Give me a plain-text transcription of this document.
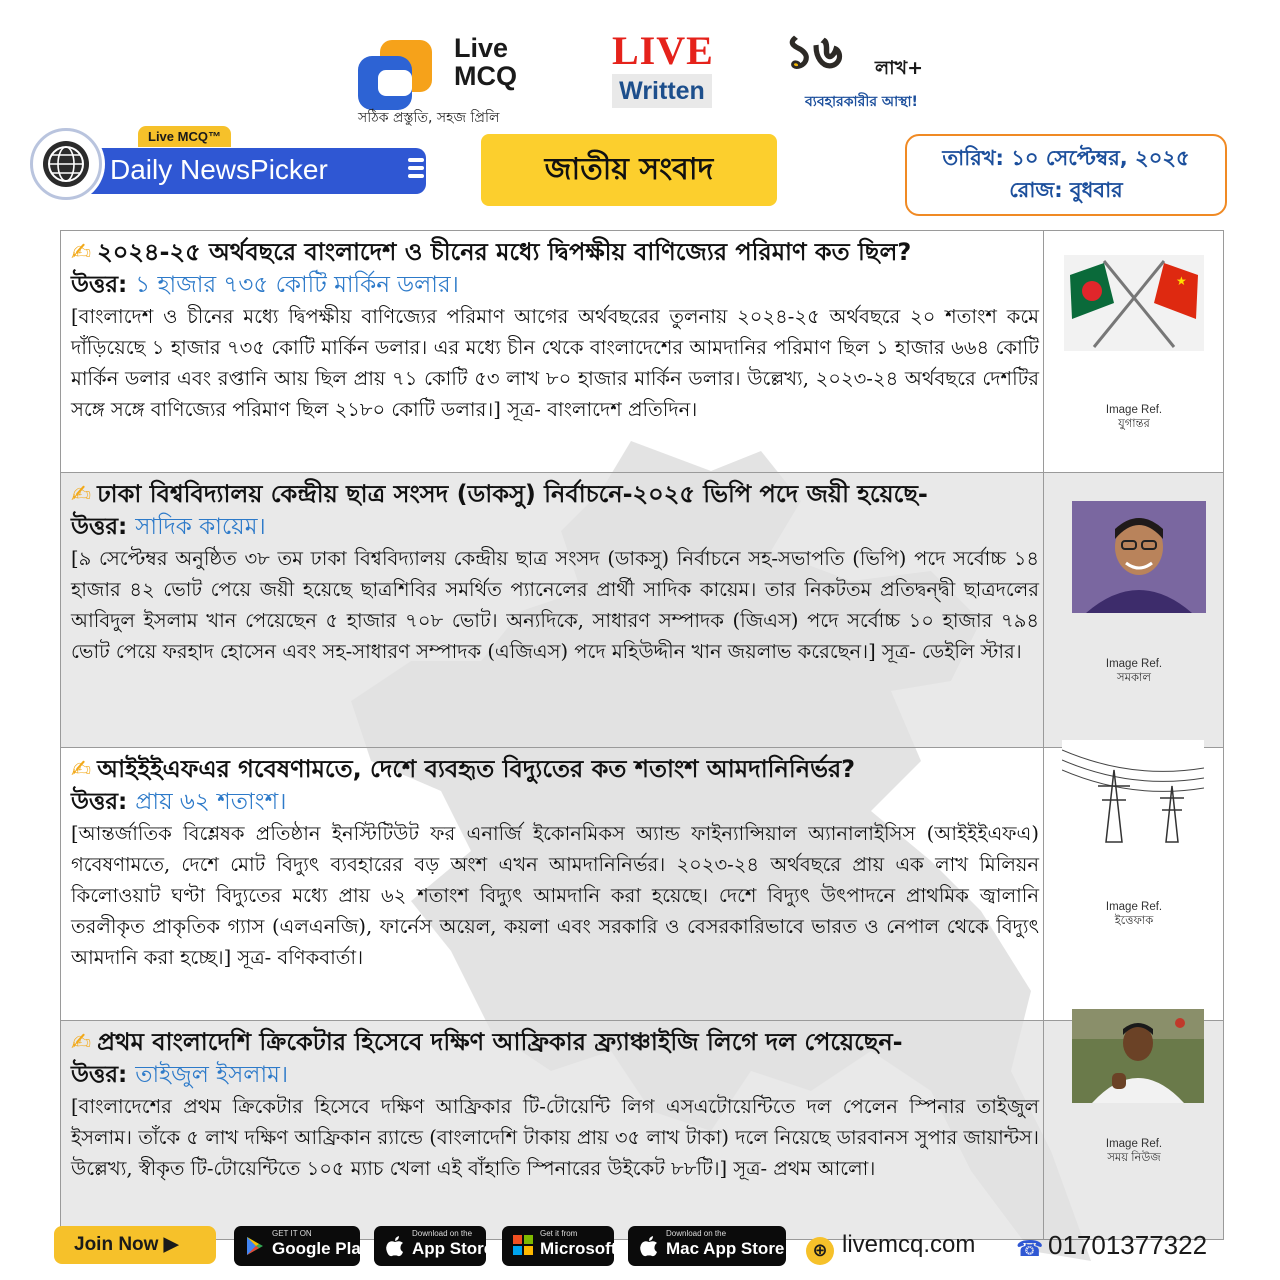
Live
MCQ
সঠিক প্রস্তুতি, সহজ প্রিলি
LIVE
Written
১৬ লাখ+
ব্যবহারকারীর আস্থা!
Live MCQ™
Daily NewsPicker	জাতীয় সংবাদ	তারিখ: ১০ সেপ্টেম্বর, ২০২৫
রোজ: বুধবার
✍ ২০২৪-২৫ অর্থবছরে বাংলাদেশ ও চীনের মধ্যে দ্বিপক্ষীয় বাণিজ্যের পরিমাণ কত ছিল?
উত্তর: ১ হাজার ৭৩৫ কোটি মার্কিন ডলার।
[বাংলাদেশ ও চীনের মধ্যে দ্বিপক্ষীয় বাণিজ্যের পরিমাণ আগের অর্থবছরের তুলনায় ২০২৪-২৫ অর্থবছরে ২০ শতাংশ কমে দাঁড়িয়েছে ১ হাজার ৭৩৫ কোটি মার্কিন ডলার। এর মধ্যে চীন থেকে বাংলাদেশের আমদানির পরিমাণ ছিল ১ হাজার ৬৬৪ কোটি মার্কিন ডলার এবং রপ্তানি আয় ছিল প্রায় ৭১ কোটি ৫৩ লাখ ৮০ হাজার মার্কিন ডলার। উল্লেখ্য, ২০২৩-২৪ অর্থবছরে দেশটির সঙ্গে সঙ্গে বাণিজ্যের পরিমাণ ছিল ২১৮০ কোটি ডলার।] সূত্র- বাংলাদেশ প্রতিদিন।
★
Image Ref.
যুগান্তর
✍ ঢাকা বিশ্ববিদ্যালয় কেন্দ্রীয় ছাত্র সংসদ (ডাকসু) নির্বাচনে-২০২৫ ভিপি পদে জয়ী হয়েছে-
উত্তর: সাদিক কায়েম।
[৯ সেপ্টেম্বর অনুষ্ঠিত ৩৮ তম ঢাকা বিশ্ববিদ্যালয় কেন্দ্রীয় ছাত্র সংসদ (ডাকসু) নির্বাচনে সহ-সভাপতি (ভিপি) পদে সর্বোচ্চ ১৪ হাজার ৪২ ভোট পেয়ে জয়ী হয়েছে ছাত্রশিবির সমর্থিত প্যানেলের প্রার্থী সাদিক কায়েম। তার নিকটতম প্রতিদ্বন্দ্বী ছাত্রদলের আবিদুল ইসলাম খান পেয়েছেন ৫ হাজার ৭০৮ ভোট। অন্যদিকে, সাধারণ সম্পাদক (জিএস) পদে সর্বোচ্চ ১০ হাজার ৭৯৪ ভোট পেয়ে ফরহাদ হোসেন এবং সহ-সাধারণ সম্পাদক (এজিএস) পদে মহিউদ্দীন খান জয়লাভ করেছেন।] সূত্র- ডেইলি স্টার।
Image Ref.
সমকাল
✍ আইইইএফএর গবেষণামতে, দেশে ব্যবহৃত বিদ্যুতের কত শতাংশ আমদানিনির্ভর?
উত্তর: প্রায় ৬২ শতাংশ।
[আন্তর্জাতিক বিশ্লেষক প্রতিষ্ঠান ইনস্টিটিউট ফর এনার্জি ইকোনমিকস অ্যান্ড ফাইন্যান্সিয়াল অ্যানালাইসিস (আইইইএফএ) গবেষণামতে, দেশে মোট বিদ্যুৎ ব্যবহারের বড় অংশ এখন আমদানিনির্ভর। ২০২৩-২৪ অর্থবছরে প্রায় এক লাখ মিলিয়ন কিলোওয়াট ঘণ্টা বিদ্যুতের মধ্যে প্রায় ৬২ শতাংশ বিদ্যুৎ আমদানি করা হয়েছে। দেশে বিদ্যুৎ উৎপাদনে প্রাথমিক জ্বালানি তরলীকৃত প্রাকৃতিক গ্যাস (এলএনজি), ফার্নেস অয়েল, কয়লা এবং সরকারি ও বেসরকারিভাবে ভারত ও নেপাল থেকে বিদ্যুৎ আমদানি করা হচ্ছে।] সূত্র- বণিকবার্তা।
Image Ref.
ইত্তেফাক
✍ প্রথম বাংলাদেশি ক্রিকেটার হিসেবে দক্ষিণ আফ্রিকার ফ্র্যাঞ্চাইজি লিগে দল পেয়েছেন-
উত্তর: তাইজুল ইসলাম।
[বাংলাদেশের প্রথম ক্রিকেটার হিসেবে দক্ষিণ আফ্রিকার টি-টোয়েন্টি লিগ এসএটোয়েন্টিতে দল পেলেন স্পিনার তাইজুল ইসলাম। তাঁকে ৫ লাখ দক্ষিণ আফ্রিকান র‍্যান্ডে (বাংলাদেশি টাকায় প্রায় ৩৫ লাখ টাকা) দলে নিয়েছে ডারবানস সুপার জায়ান্টস। উল্লেখ্য, স্বীকৃত টি-টোয়েন্টিতে ১০৫ ম্যাচ খেলা এই বাঁহাতি স্পিনারের উইকেট ৮৮টি।] সূত্র- প্রথম আলো।
Image Ref.
সময় নিউজ
Join Now ▶
GET IT ON
Google Play
Download on the
App Store
Get it from
Microsoft
Download on the
Mac App Store	⊕ livemcq.com ☎ 01701377322
